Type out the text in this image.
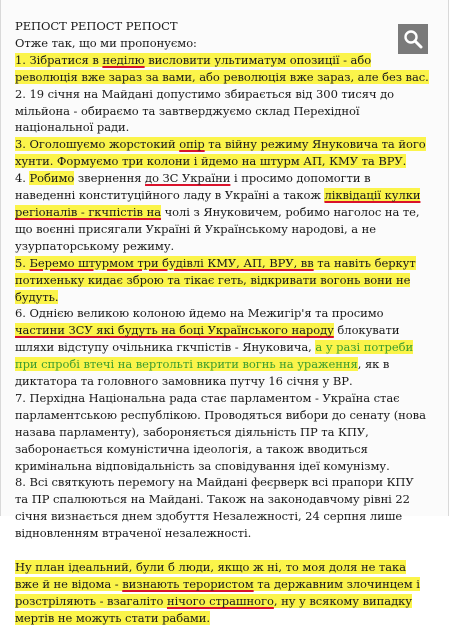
РЕПОСТ РЕПОСТ РЕПОСТ

Отже так, що ми пропонуємо:

1. Зібратися в неділю висловити ультиматум опозиції - або революція вже зараз за вами, або революція вже зараз, але без вас.

2. 19 січня на Майдані допустимо збирається від 300 тисяч до мільйона - обираємо та завтверджуємо склад Перехідної національної ради.

3. Оголошуємо жорстокий опір та війну режиму Януковича та його хунти. Формуємо три колони і йдемо на штурм АП, КМУ та ВРУ.

4. Робимо звернення до ЗС України і просимо допомогти в наведенні конституційного ладу в Україні а також ліквідації кулки регіоналів - гкчпістів на чолі з Януковичем, робимо наголос на те, що воєнні присягали Україні й Українському народові, а не узурпаторському режиму.

5. Беремо штурмом три будівлі КМУ, АП, ВРУ, вв та навіть беркут потихеньку кидає зброю та тікає геть, відкривати вогонь вони не будуть.

6. Однією великою колоною йдемо на Межигір'я та просимо частини ЗСУ які будуть на боці Українського народу блокувати шляхи відступу очільника гкчпістів - Януковича, а у разі потреби при спробі втечі на вертольті вкрити вогнь на ураження, як в диктатора та головного замовника путчу 16 січня у ВР.

7. Перхідна Національна рада стає парламентом - Україна стає парламентською республікою. Проводяться вибори до сенату (нова назава парламенту), забороняється діяльність ПР та КПУ, заборонається комуністична ідеологія, а також вводиться кримінальна відповідальність за сповідування ідеї комунізму.

8. Всі святкують перемогу на Майдані феєрверк всі прапори КПУ та ПР спалюються на Майдані. Також на законодавчому рівні 22 січня визнається днем здобуття Незалежності, 24 серпня лише відновленням втраченої незалежності.

Ну план ідеальний, були б люди, якщо ж ні, то моя доля не така вже й не відома - визнають терористом та державним злочинцем і розстріляють - взагаліто нічого страшного, ну у всякому випадку мертів не можуть стати рабами.
